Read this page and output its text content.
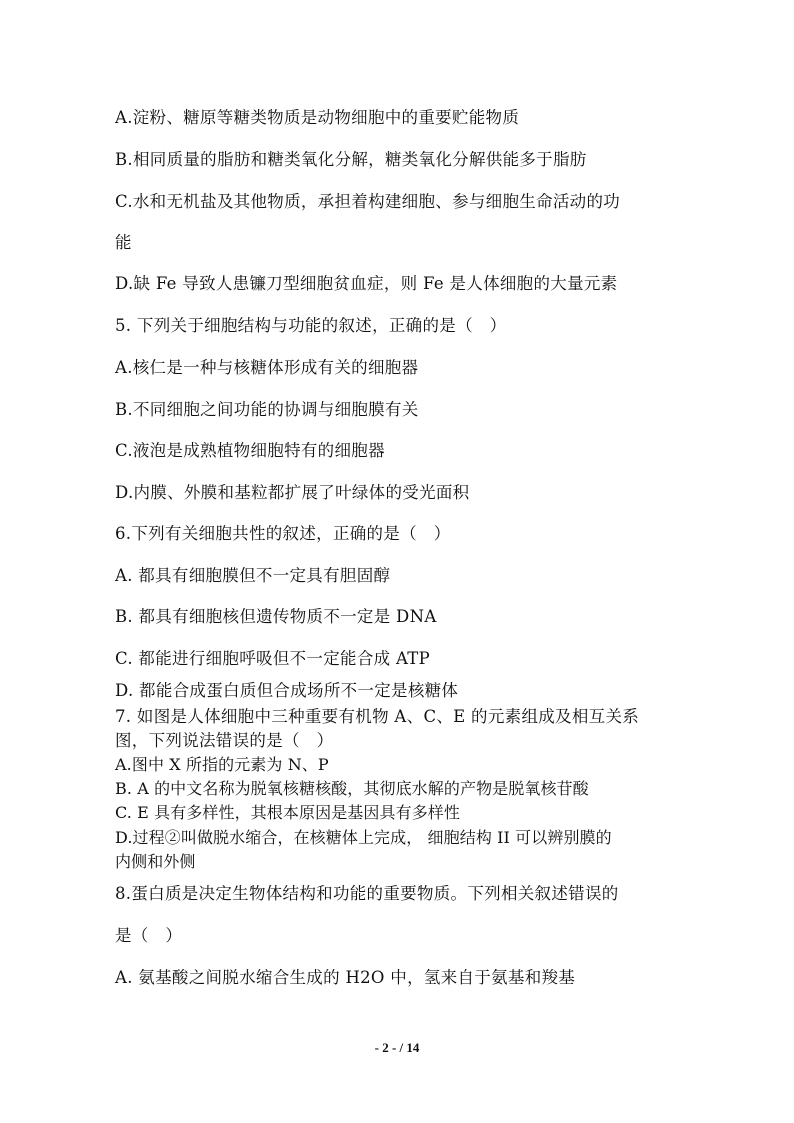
A.淀粉、糖原等糖类物质是动物细胞中的重要贮能物质
B.相同质量的脂肪和糖类氧化分解，糖类氧化分解供能多于脂肪
C.水和无机盐及其他物质，承担着构建细胞、参与细胞生命活动的功
能
D.缺 Fe 导致人患镰刀型细胞贫血症，则 Fe 是人体细胞的大量元素
5. 下列关于细胞结构与功能的叙述，正确的是（　）
A.核仁是一种与核糖体形成有关的细胞器
B.不同细胞之间功能的协调与细胞膜有关
C.液泡是成熟植物细胞特有的细胞器
D.内膜、外膜和基粒都扩展了叶绿体的受光面积
6.下列有关细胞共性的叙述，正确的是（　）
A. 都具有细胞膜但不一定具有胆固醇
B. 都具有细胞核但遗传物质不一定是 DNA
C. 都能进行细胞呼吸但不一定能合成 ATP
D. 都能合成蛋白质但合成场所不一定是核糖体
7. 如图是人体细胞中三种重要有机物 A、C、E 的元素组成及相互关系
图，下列说法错误的是（　）
A.图中 X 所指的元素为 N、P
B. A 的中文名称为脱氧核糖核酸，其彻底水解的产物是脱氧核苷酸
C. E 具有多样性，其根本原因是基因具有多样性
D.过程②叫做脱水缩合，在核糖体上完成， 细胞结构 II 可以辨别膜的
内侧和外侧
8.蛋白质是决定生物体结构和功能的重要物质。下列相关叙述错误的
是（　）
A. 氨基酸之间脱水缩合生成的 H2O 中，氢来自于氨基和羧基
- 2 - / 14
